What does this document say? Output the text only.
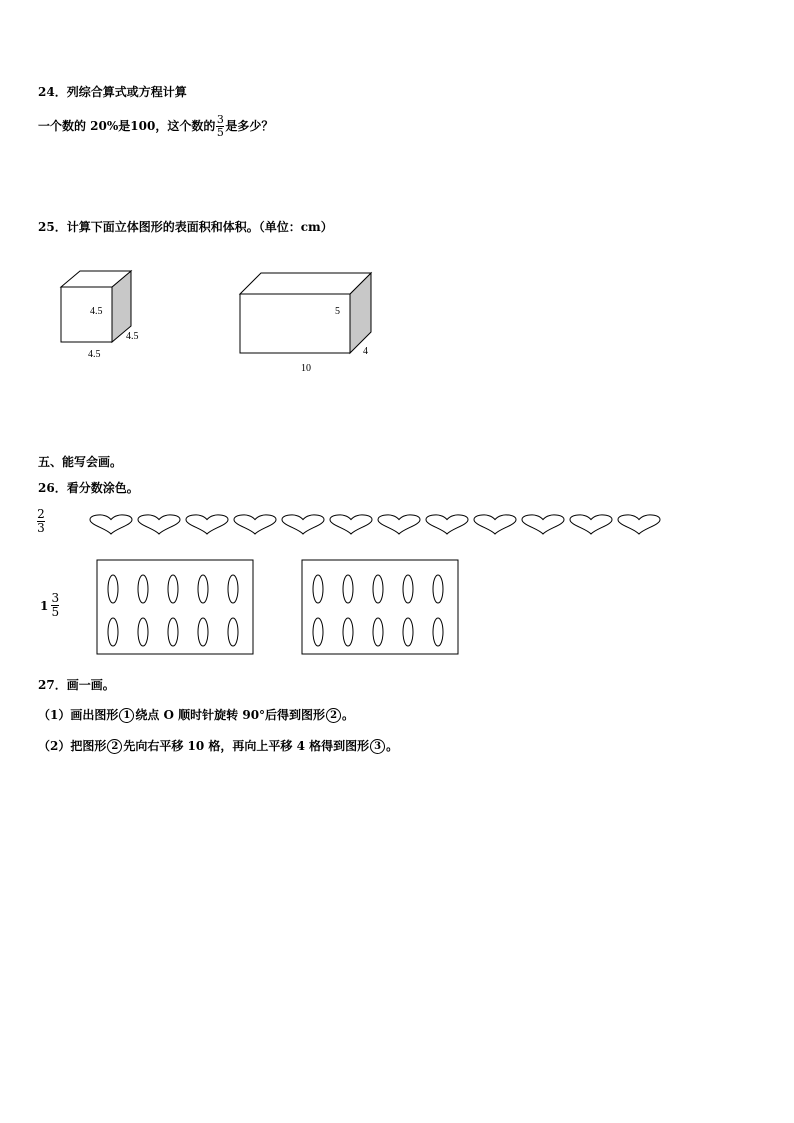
24．列综合算式或方程计算
一个数的 20%是100，这个数的 $\frac{3}{5}$ 是多少？
25．计算下面立体图形的表面积和体积。（单位：cm）
4.5
4.5
4.5
5
4
10
五、能写会画。
26．看分数涂色。
$\frac{2}{3}$
$1 \frac{3}{5}$
27．画一画。
（1）画出图形 1 绕点 O 顺时针旋转 90°后得到图形 2 。
（2）把图形 2 先向右平移 10 格，再向上平移 4 格得到图形 3 。
